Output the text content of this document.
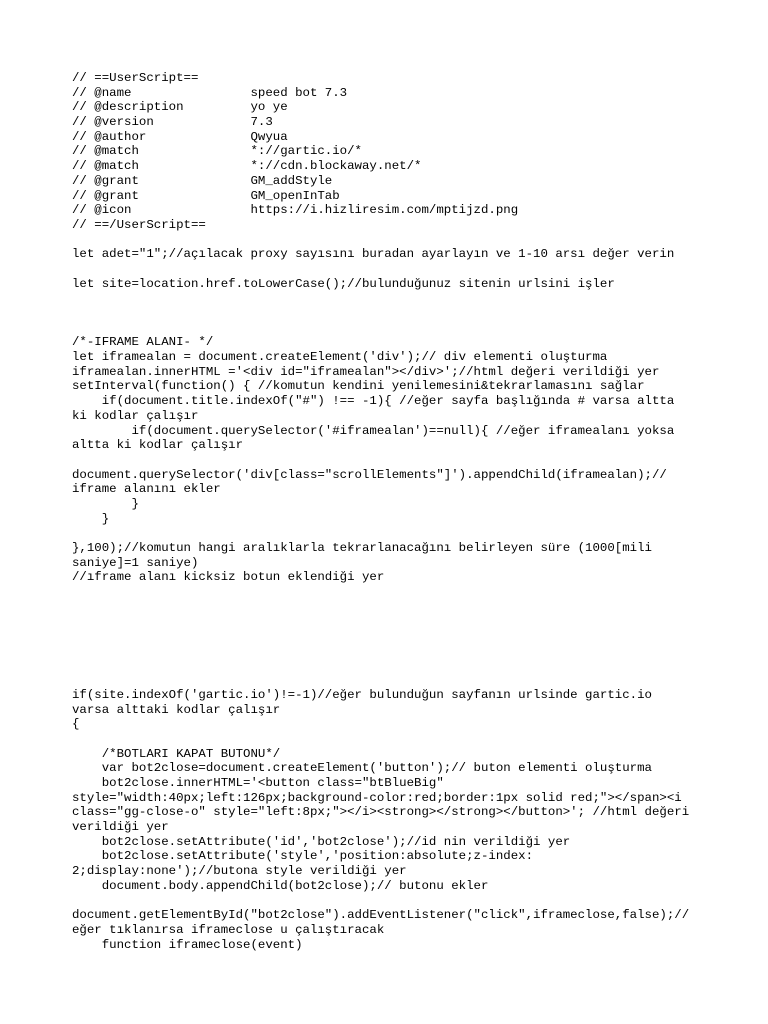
// ==UserScript==
// @name                speed bot 7.3
// @description         yo ye
// @version             7.3
// @author              Qwyua
// @match               *://gartic.io/*
// @match               *://cdn.blockaway.net/*
// @grant               GM_addStyle
// @grant               GM_openInTab
// @icon                https://i.hizliresim.com/mptijzd.png
// ==/UserScript==
let adet="1";//açılacak proxy sayısını buradan ayarlayın ve 1-10 arsı değer verin
let site=location.href.toLowerCase();//bulunduğunuz sitenin urlsini işler
/*-IFRAME ALANI- */
let iframealan = document.createElement('div');// div elementi oluşturma
iframealan.innerHTML ='<div id="iframealan"></div>';//html değeri verildiği yer
setInterval(function() { //komutun kendini yenilemesini&tekrarlamasını sağlar
if(document.title.indexOf("#") !== -1){ //eğer sayfa başlığında # varsa altta
ki kodlar çalışır
if(document.querySelector('#iframealan')==null){ //eğer iframealanı yoksa
altta ki kodlar çalışır
document.querySelector('div[class="scrollElements"]').appendChild(iframealan);//
iframe alanını ekler
}
}
},100);//komutun hangi aralıklarla tekrarlanacağını belirleyen süre (1000[mili
saniye]=1 saniye)
//ıframe alanı kicksiz botun eklendiği yer
if(site.indexOf('gartic.io')!=-1)//eğer bulunduğun sayfanın urlsinde gartic.io
varsa alttaki kodlar çalışır
{
/*BOTLARI KAPAT BUTONU*/
var bot2close=document.createElement('button');// buton elementi oluşturma
bot2close.innerHTML='<button class="btBlueBig"
style="width:40px;left:126px;background-color:red;border:1px solid red;"></span><i
class="gg-close-o" style="left:8px;"></i><strong></strong></button>'; //html değeri
verildiği yer
bot2close.setAttribute('id','bot2close');//id nin verildiği yer
bot2close.setAttribute('style','position:absolute;z-index:
2;display:none');//butona style verildiği yer
document.body.appendChild(bot2close);// butonu ekler
document.getElementById("bot2close").addEventListener("click",iframeclose,false);//
eğer tıklanırsa iframeclose u çalıştıracak
function iframeclose(event)
